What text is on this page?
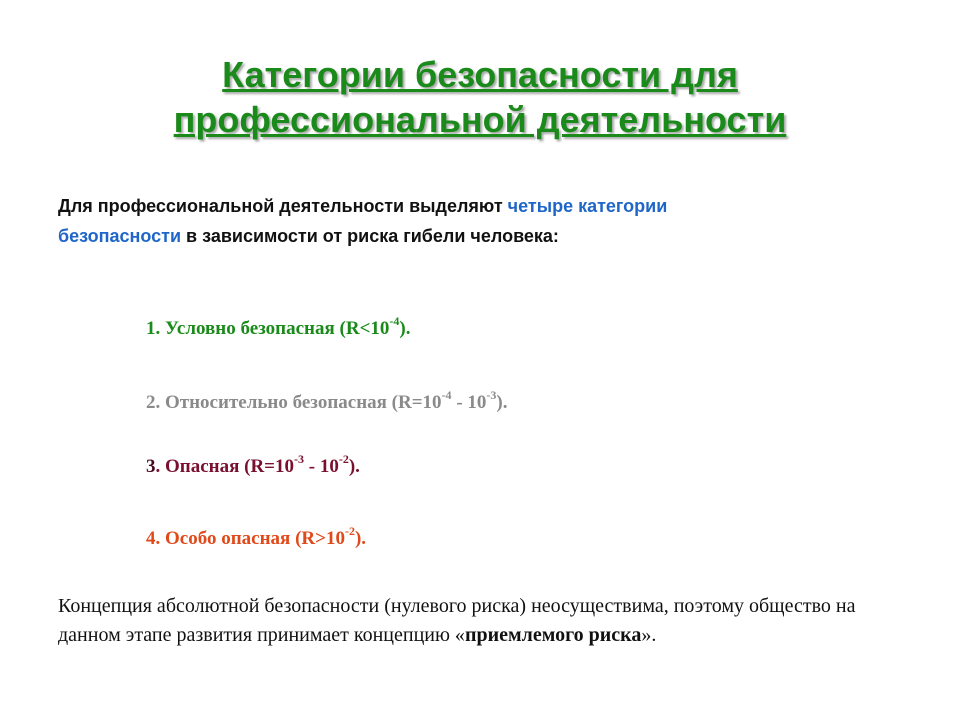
Категории безопасности для
профессиональной деятельности
Для профессиональной деятельности выделяют четыре категории
безопасности в зависимости от риска гибели человека:
1. Условно безопасная $(R<10^{-4})$.
2. Относительно безопасная $(R=10^{-4} - 10^{-3})$.
3. Опасная $(R=10^{-3} - 10^{-2})$.
4. Особо опасная $(R>10^{-2})$.
Концепция абсолютной безопасности (нулевого риска) неосуществима, поэтому общество на данном этапе развития принимает концепцию «приемлемого риска».
